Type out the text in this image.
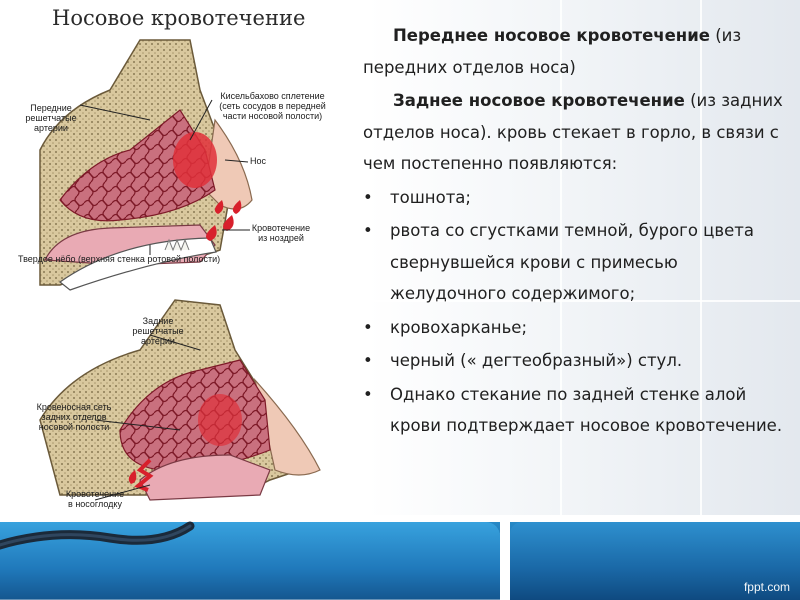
Носовое кровотечение
Передние
решетчатые
артерии
Кисельбахово сплетение
(сеть сосудов в передней
части носовой полости)
Нос
Кровотечение
из ноздрей
Твердое нёбо (верхняя стенка ротовой полости)
Задние
решетчатые
артерии
Кровеносная сеть
задних отделов
носовой полости
Кровотечение
в носоглодку

Переднее носовое кровотечение (из передних отделов носа)

Заднее носовое кровотечение (из задних отделов носа). кровь стекает в горло, в связи с чем постепенно появляются:

•	тошнота;
•	рвота со сгустками темной, бурого цвета свернувшейся крови с примесью желудочного содержимого;
•	кровохарканье;
•	черный (« дегтеобразный») стул.
•	Однако стекание по задней стенке алой крови подтверждает носовое кровотечение.
fppt.com
